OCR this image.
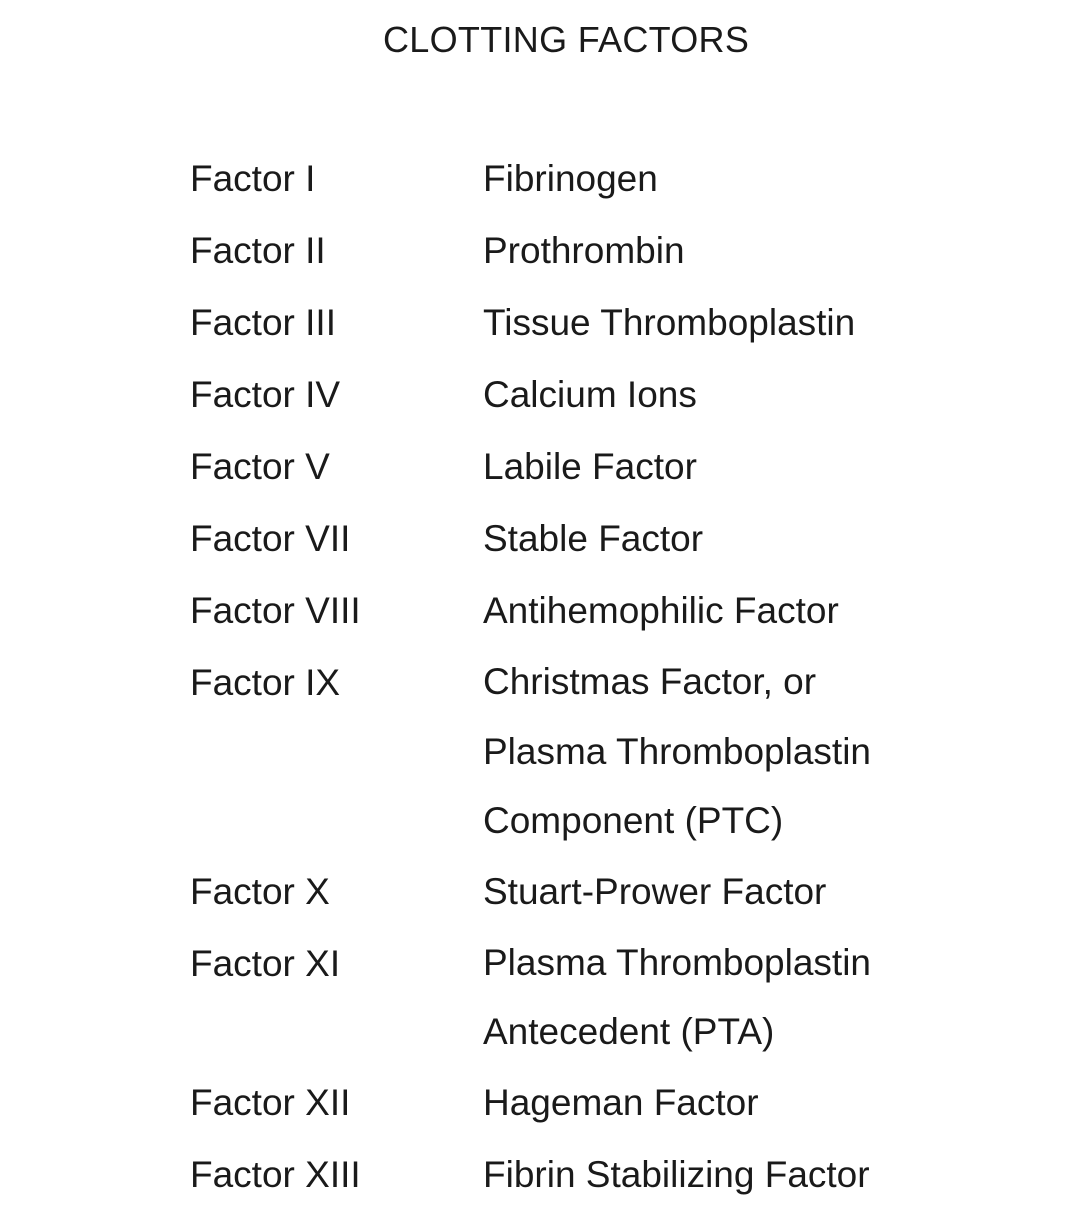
CLOTTING FACTORS
Factor I	Fibrinogen
Factor II	Prothrombin
Factor III	Tissue Thromboplastin
Factor IV	Calcium Ions
Factor V	Labile Factor
Factor VII	Stable Factor
Factor VIII	Antihemophilic Factor
Factor IX	Christmas Factor, or
Plasma Thromboplastin
Component (PTC)
Factor X	Stuart-Prower Factor
Factor XI	Plasma Thromboplastin
Antecedent (PTA)
Factor XII	Hageman Factor
Factor XIII	Fibrin Stabilizing Factor
